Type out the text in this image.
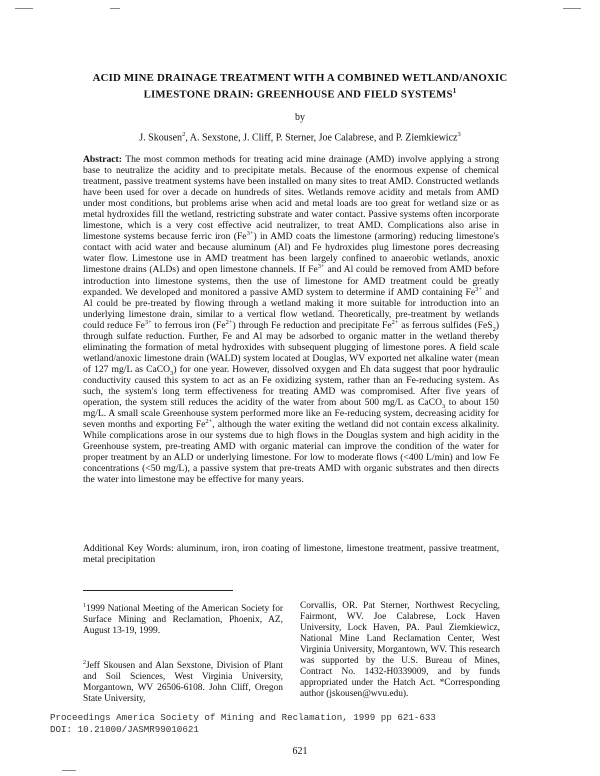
ACID MINE DRAINAGE TREATMENT WITH A COMBINED WETLAND/ANOXIC
LIMESTONE DRAIN: GREENHOUSE AND FIELD SYSTEMS$^1$
by
J. Skousen$^2$, A. Sexstone, J. Cliff, P. Sterner, Joe Calabrese, and P. Ziemkiewicz$^3$

Abstract: The most common methods for treating acid mine drainage (AMD) involve applying a strong base to neutralize the acidity and to precipitate metals. Because of the enormous expense of chemical treatment, passive treatment systems have been installed on many sites to treat AMD. Constructed wetlands have been used for over a decade on hundreds of sites. Wetlands remove acidity and metals from AMD under most conditions, but problems arise when acid and metal loads are too great for wetland size or as metal hydroxides fill the wetland, restricting substrate and water contact. Passive systems often incorporate limestone, which is a very cost effective acid neutralizer, to treat AMD. Complications also arise in limestone systems because ferric iron $(Fe^{3+})$ in AMD coats the limestone (armoring) reducing limestone's contact with acid water and because aluminum (Al) and Fe hydroxides plug limestone pores decreasing water flow. Limestone use in AMD treatment has been largely confined to anaerobic wetlands, anoxic limestone drains (ALDs) and open limestone channels. If $Fe^{3+}$ and Al could be removed from AMD before introduction into limestone systems, then the use of limestone for AMD treatment could be greatly expanded. We developed and monitored a passive AMD system to determine if AMD containing $Fe^{3+}$ and Al could be pre-treated by flowing through a wetland making it more suitable for introduction into an underlying limestone drain, similar to a vertical flow wetland. Theoretically, pre-treatment by wetlands could reduce $Fe^{3+}$ to ferrous iron $(Fe^{2+})$ through Fe reduction and precipitate $Fe^{2+}$ as ferrous sulfides (FeS$_2$) through sulfate reduction. Further, Fe and Al may be adsorbed to organic matter in the wetland thereby eliminating the formation of metal hydroxides with subsequent plugging of limestone pores. A field scale wetland/anoxic limestone drain (WALD) system located at Douglas, WV exported net alkaline water (mean of 127 mg/L as CaCO$_3$) for one year. However, dissolved oxygen and Eh data suggest that poor hydraulic conductivity caused this system to act as an Fe oxidizing system, rather than an Fe-reducing system. As such, the system's long term effectiveness for treating AMD was compromised. After five years of operation, the system still reduces the acidity of the water from about 500 mg/L as CaCO$_3$ to about 150 mg/L. A small scale Greenhouse system performed more like an Fe-reducing system, decreasing acidity for seven months and exporting $Fe^{2+}$, although the water exiting the wetland did not contain excess alkalinity. While complications arose in our systems due to high flows in the Douglas system and high acidity in the Greenhouse system, pre-treating AMD with organic material can improve the condition of the water for proper treatment by an ALD or underlying limestone. For low to moderate flows (<400 L/min) and low Fe concentrations (<50 mg/L), a passive system that pre-treats AMD with organic substrates and then directs the water into limestone may be effective for many years.

Additional Key Words: aluminum, iron, iron coating of limestone, limestone treatment, passive treatment, metal precipitation

$^1$1999 National Meeting of the American Society for Surface Mining and Reclamation, Phoenix, AZ, August 13-19, 1999.

$^2$Jeff Skousen and Alan Sexstone, Division of Plant and Soil Sciences, West Virginia University, Morgantown, WV 26506-6108. John Cliff, Oregon State University,

Corvallis, OR. Pat Sterner, Northwest Recycling, Fairmont, WV. Joe Calabrese, Lock Haven University, Lock Haven, PA. Paul Ziemkiewicz, National Mine Land Reclamation Center, West Virginia University, Morgantown, WV. This research was supported by the U.S. Bureau of Mines, Contract No. 1432-H0339009, and by funds appropriated under the Hatch Act. *Corresponding author (jskousen@wvu.edu).

Proceedings America Society of Mining and Reclamation, 1999 pp 621-633
DOI: 10.21000/JASMR99010621

621
